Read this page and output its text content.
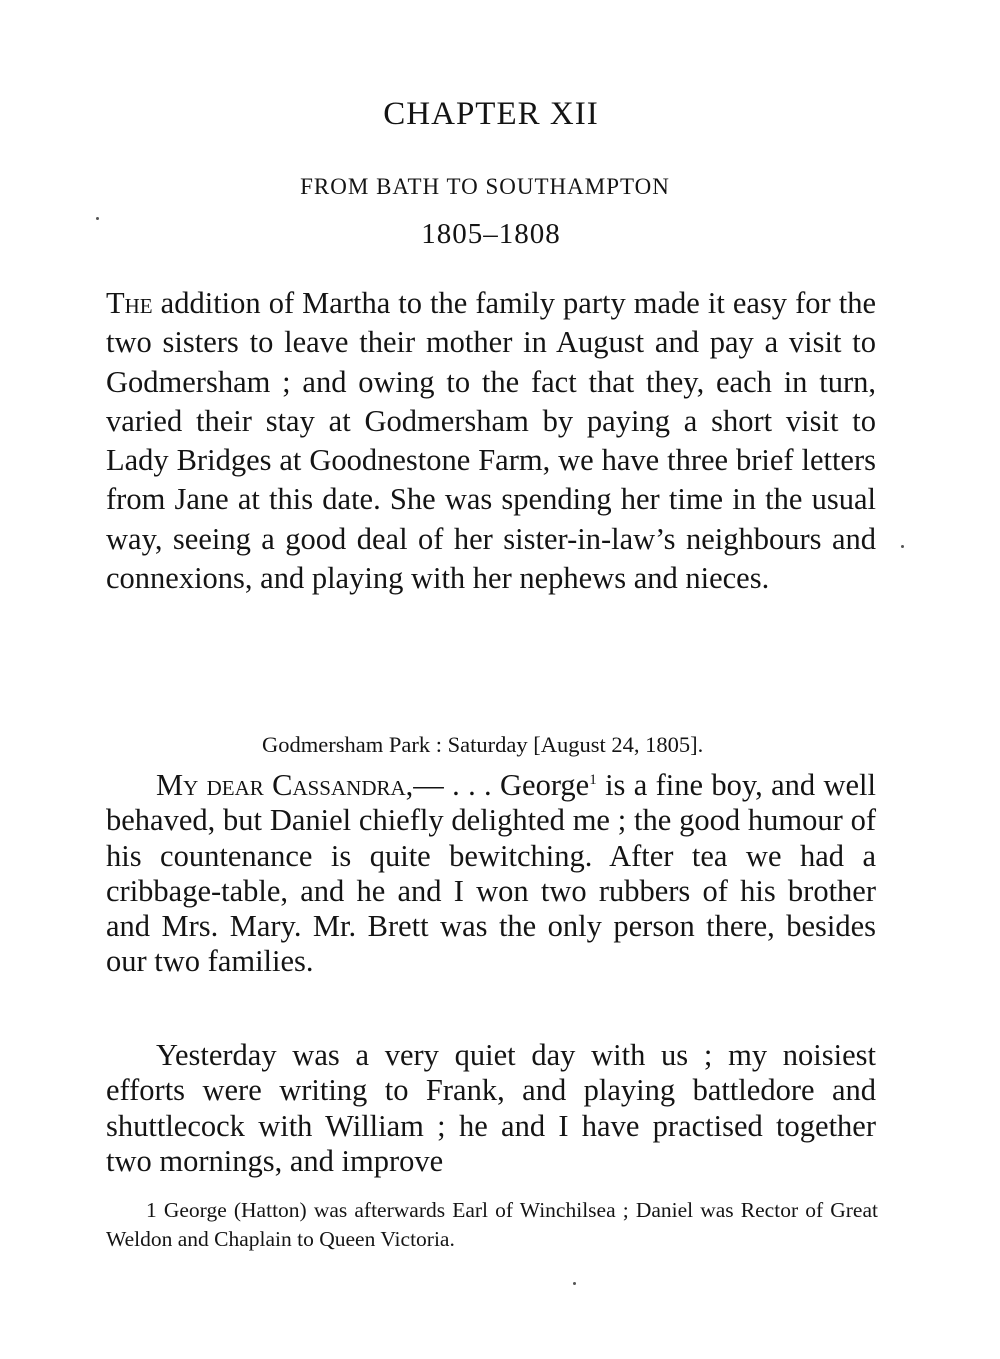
CHAPTER XII
FROM BATH TO SOUTHAMPTON
1805–1808

The addition of Martha to the family party made it easy for the two sisters to leave their mother in August and pay a visit to Godmersham ; and owing to the fact that they, each in turn, varied their stay at Godmersham by paying a short visit to Lady Bridges at Goodnestone Farm, we have three brief letters from Jane at this date. She was spending her time in the usual way, seeing a good deal of her sister-in-law’s neighbours and connexions, and playing with her nephews and nieces.

Godmersham Park : Saturday [August 24, 1805].

My dear Cassandra,— . . . George$^1$ is a fine boy, and well behaved, but Daniel chiefly delighted me ; the good humour of his countenance is quite bewitching. After tea we had a cribbage-table, and he and I won two rubbers of his brother and Mrs. Mary. Mr. Brett was the only person there, besides our two families.

Yesterday was a very quiet day with us ; my noisiest efforts were writing to Frank, and playing battledore and shuttlecock with William ; he and I have practised together two mornings, and improve

1 George (Hatton) was afterwards Earl of Winchilsea ; Daniel was Rector of Great Weldon and Chaplain to Queen Victoria.
